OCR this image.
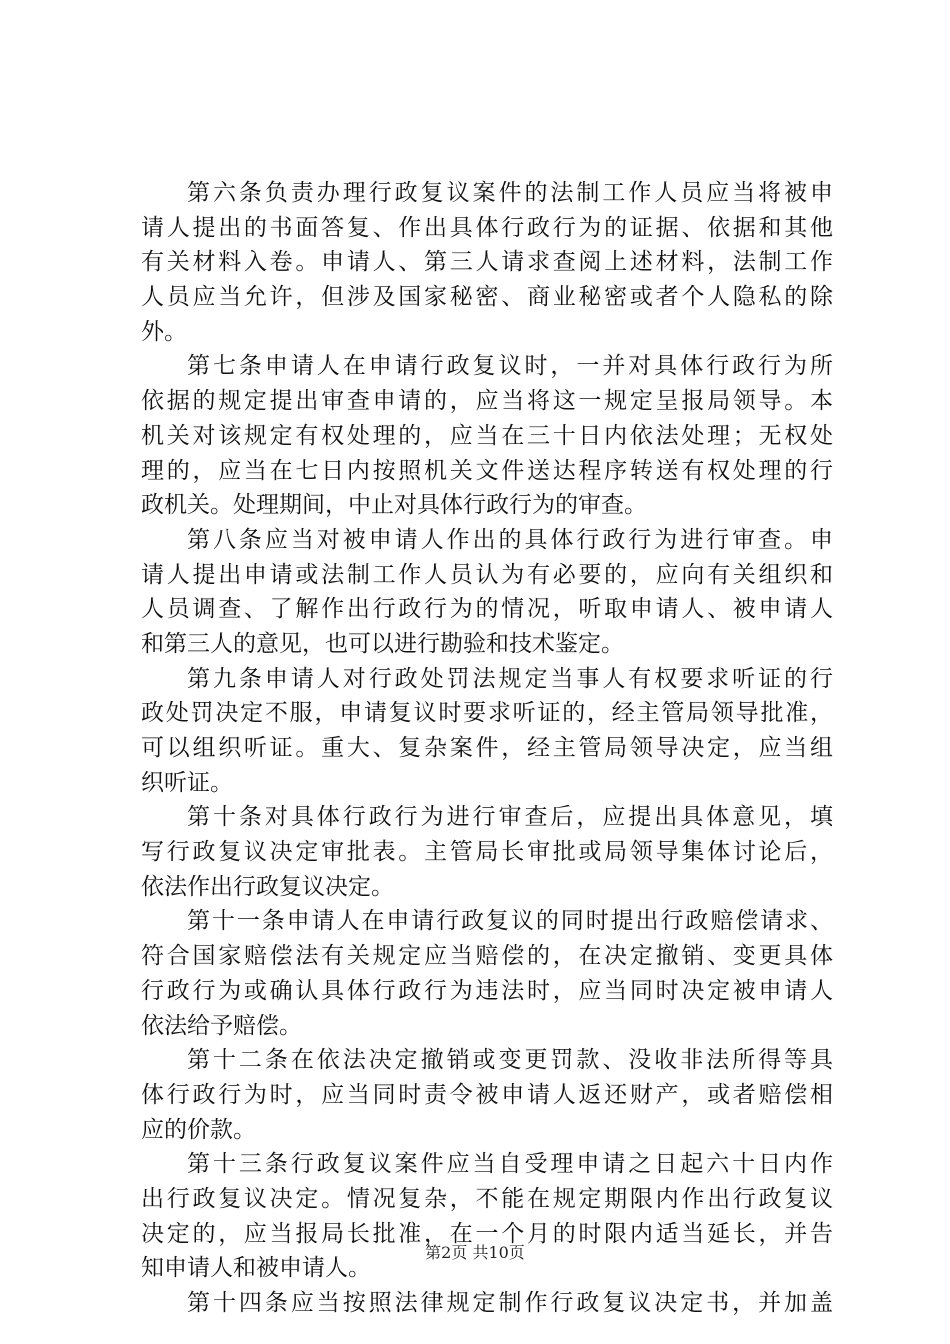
第六条负责办理行政复议案件的法制工作人员应当将被申
请人提出的书面答复、作出具体行政行为的证据、依据和其他
有关材料入卷。申请人、第三人请求查阅上述材料，法制工作
人员应当允许，但涉及国家秘密、商业秘密或者个人隐私的除
外。
第七条申请人在申请行政复议时，一并对具体行政行为所
依据的规定提出审查申请的，应当将这一规定呈报局领导。本
机关对该规定有权处理的，应当在三十日内依法处理；无权处
理的，应当在七日内按照机关文件送达程序转送有权处理的行
政机关。处理期间，中止对具体行政行为的审查。
第八条应当对被申请人作出的具体行政行为进行审查。申
请人提出申请或法制工作人员认为有必要的，应向有关组织和
人员调查、了解作出行政行为的情况，听取申请人、被申请人
和第三人的意见，也可以进行勘验和技术鉴定。
第九条申请人对行政处罚法规定当事人有权要求听证的行
政处罚决定不服，申请复议时要求听证的，经主管局领导批准，
可以组织听证。重大、复杂案件，经主管局领导决定，应当组
织听证。
第十条对具体行政行为进行审查后，应提出具体意见，填
写行政复议决定审批表。主管局长审批或局领导集体讨论后，
依法作出行政复议决定。
第十一条申请人在申请行政复议的同时提出行政赔偿请求、
符合国家赔偿法有关规定应当赔偿的，在决定撤销、变更具体
行政行为或确认具体行政行为违法时，应当同时决定被申请人
依法给予赔偿。
第十二条在依法决定撤销或变更罚款、没收非法所得等具
体行政行为时，应当同时责令被申请人返还财产，或者赔偿相
应的价款。
第十三条行政复议案件应当自受理申请之日起六十日内作
出行政复议决定。情况复杂，不能在规定期限内作出行政复议
决定的，应当报局长批准，在一个月的时限内适当延长，并告
知申请人和被申请人。
第十四条应当按照法律规定制作行政复议决定书，并加盖
第2页 共10页
